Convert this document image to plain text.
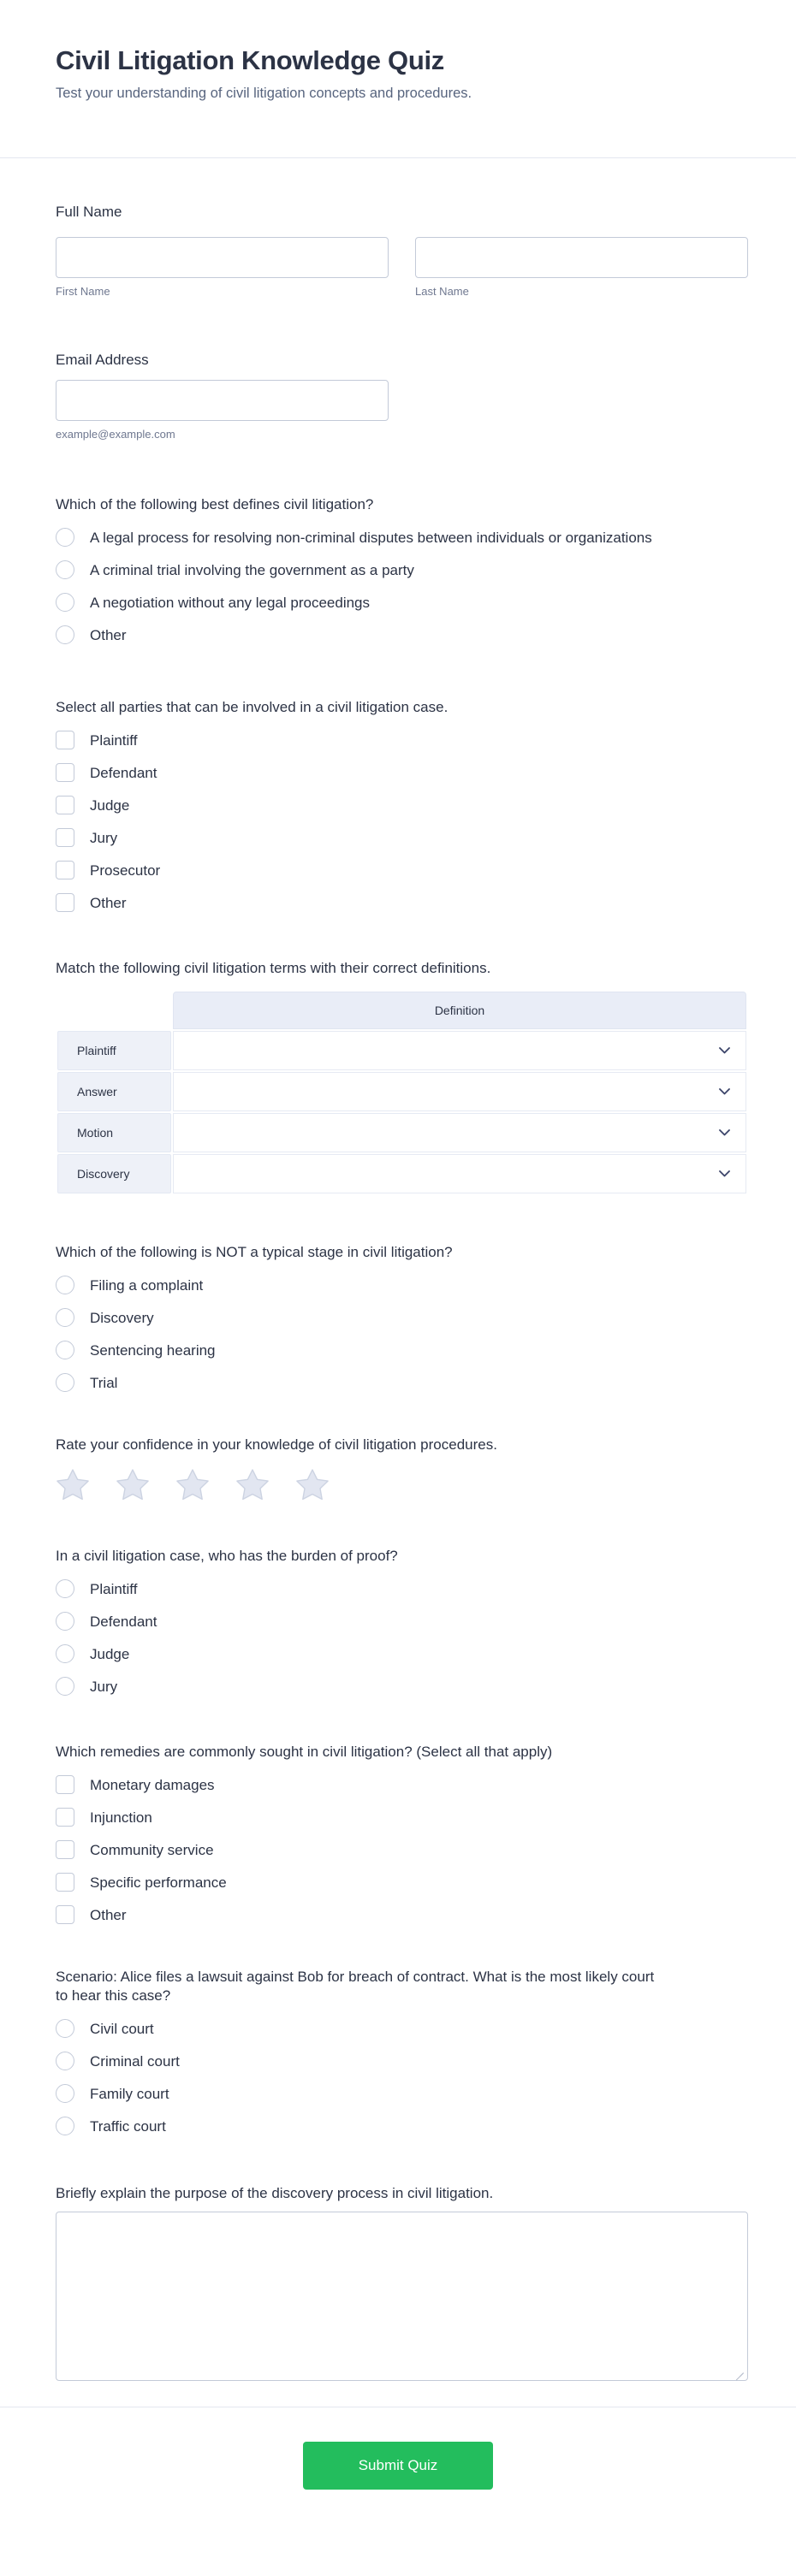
Civil Litigation Knowledge Quiz
Test your understanding of civil litigation concepts and procedures.
Full Name
First Name	Last Name
Email Address
example@example.com
Which of the following best defines civil litigation?
A legal process for resolving non-criminal disputes between individuals or organizations
A criminal trial involving the government as a party
A negotiation without any legal proceedings
Other
Select all parties that can be involved in a civil litigation case.
Plaintiff
Defendant
Judge
Jury
Prosecutor
Other
Match the following civil litigation terms with their correct definitions.
	Definition
Plaintiff	

Answer	

Motion	

Discovery	
Which of the following is NOT a typical stage in civil litigation?
Filing a complaint
Discovery
Sentencing hearing
Trial
Rate your confidence in your knowledge of civil litigation procedures.
In a civil litigation case, who has the burden of proof?
Plaintiff
Defendant
Judge
Jury
Which remedies are commonly sought in civil litigation? (Select all that apply)
Monetary damages
Injunction
Community service
Specific performance
Other
Scenario: Alice files a lawsuit against Bob for breach of contract. What is the most likely court to hear this case?
Civil court
Criminal court
Family court
Traffic court
Briefly explain the purpose of the discovery process in civil litigation.
Submit Quiz
